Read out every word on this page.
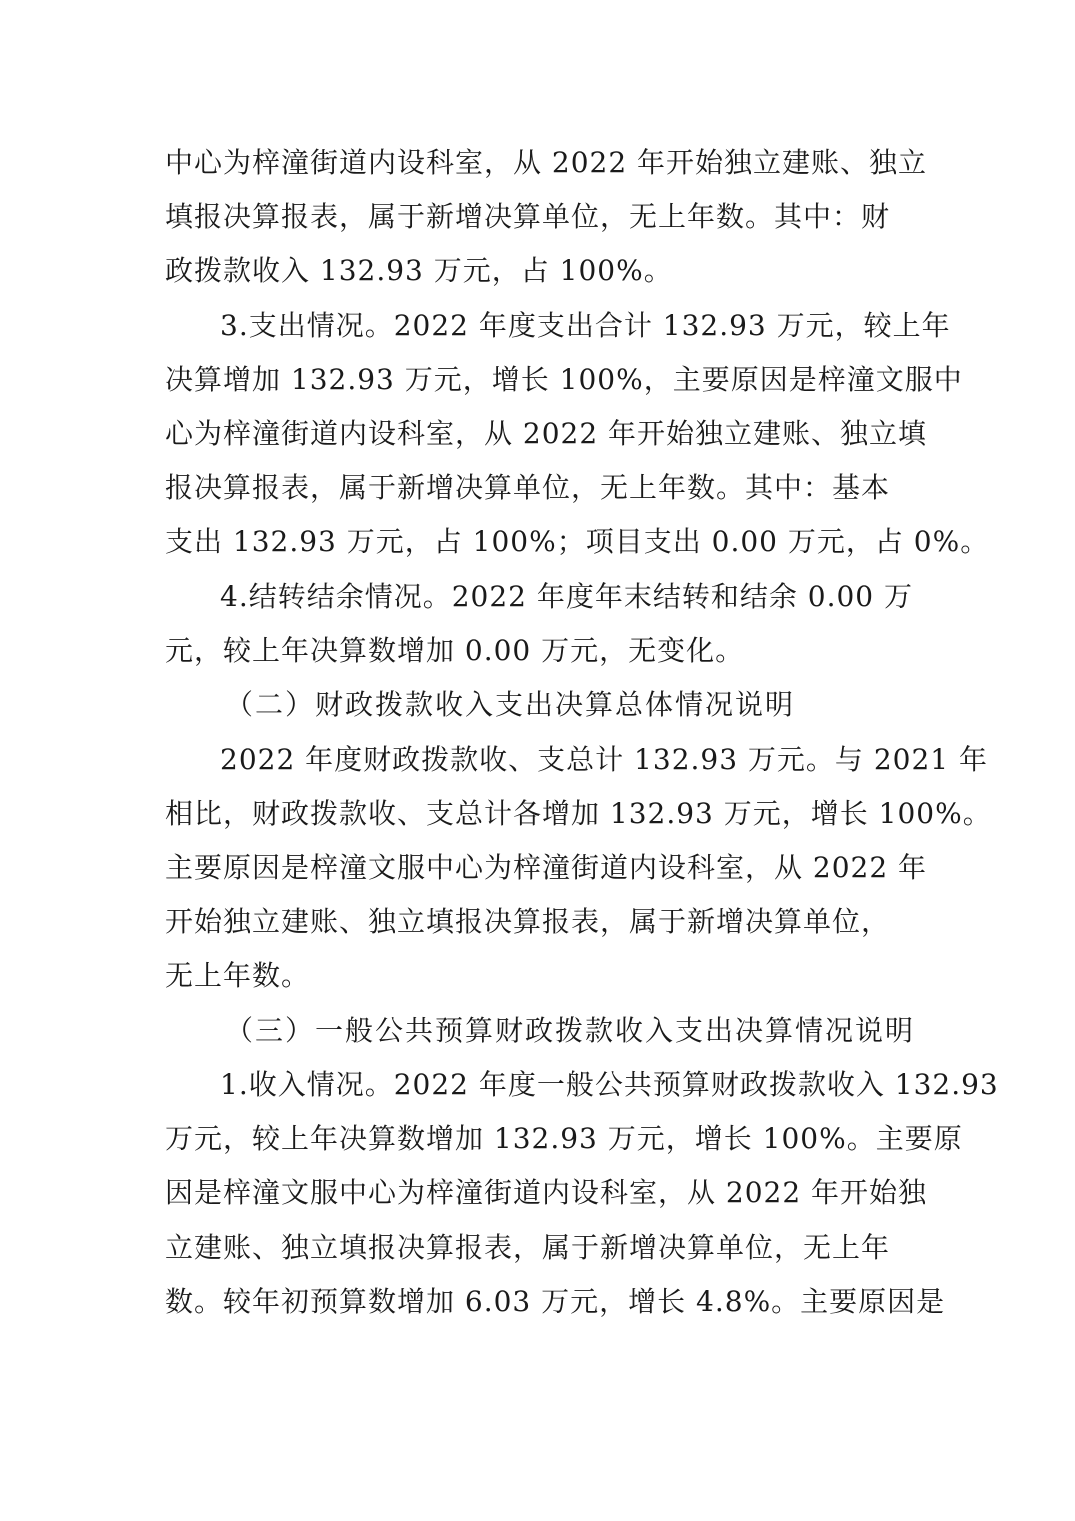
中心为梓潼街道内设科室，从 2022 年开始独立建账、独立
填报决算报表，属于新增决算单位，无上年数。其中：财
政拨款收入 132.93 万元，占 100%。
3.支出情况。2022 年度支出合计 132.93 万元，较上年
决算增加 132.93 万元，增长 100%，主要原因是梓潼文服中
心为梓潼街道内设科室，从 2022 年开始独立建账、独立填
报决算报表，属于新增决算单位，无上年数。其中：基本
支出 132.93 万元，占 100%；项目支出 0.00 万元，占 0%。
4.结转结余情况。2022 年度年末结转和结余 0.00 万
元，较上年决算数增加 0.00 万元，无变化。
（二）财政拨款收入支出决算总体情况说明
2022 年度财政拨款收、支总计 132.93 万元。与 2021 年
相比，财政拨款收、支总计各增加 132.93 万元，增长 100%。
主要原因是梓潼文服中心为梓潼街道内设科室，从 2022 年
开始独立建账、独立填报决算报表，属于新增决算单位，
无上年数。
（三）一般公共预算财政拨款收入支出决算情况说明
1.收入情况。2022 年度一般公共预算财政拨款收入 132.93
万元，较上年决算数增加 132.93 万元，增长 100%。主要原
因是梓潼文服中心为梓潼街道内设科室，从 2022 年开始独
立建账、独立填报决算报表，属于新增决算单位，无上年
数。较年初预算数增加 6.03 万元，增长 4.8%。主要原因是
